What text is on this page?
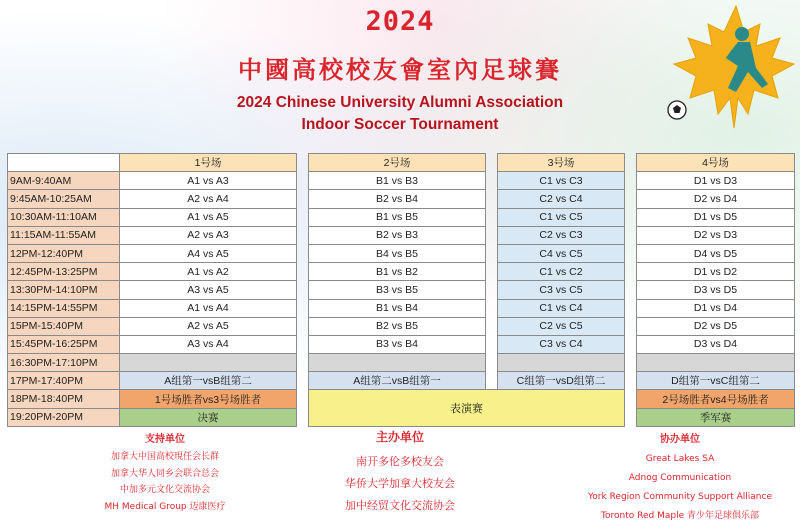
2024
中國高校校友會室內足球賽
2024 Chinese University Alumni Association
Indoor Soccer Tournament
	1号场		2号场		3号场		4号场
9AM-9:40AM	A1 vs A3		B1 vs B3		C1 vs C3		D1 vs D3
9:45AM-10:25AM	A2 vs A4		B2 vs B4		C2 vs C4		D2 vs D4
10:30AM-11:10AM	A1 vs A5		B1 vs B5		C1 vs C5		D1 vs D5
11:15AM-11:55AM	A2 vs A3		B2 vs B3		C2 vs C3		D2 vs D3
12PM-12:40PM	A4 vs A5		B4 vs B5		C4 vs C5		D4 vs D5
12:45PM-13:25PM	A1 vs A2		B1 vs B2		C1 vs C2		D1 vs D2
13:30PM-14:10PM	A3 vs A5		B3 vs B5		C3 vs C5		D3 vs D5
14:15PM-14:55PM	A1 vs A4		B1 vs B4		C1 vs C4		D1 vs D4
15PM-15:40PM	A2 vs A5		B2 vs B5		C2 vs C5		D2 vs D5
15:45PM-16:25PM	A3 vs A4		B3 vs B4		C3 vs C4		D3 vs D4
16:30PM-17:10PM							
17PM-17:40PM	A组第一vsB组第二		A组第二vsB组第一		C组第一vsD组第二		D组第一vsC组第二
18PM-18:40PM	1号场胜者vs3号场胜者		表演赛				2号场胜者vs4号场胜者
19:20PM-20PM	决赛						季军赛
支持单位
加拿大中国高校現任会长群
加拿大华人同乡会联合总会
中加多元文化交流协会
MH Medical Group 迈康医疗
主办单位
南开多伦多校友会
华侨大学加拿大校友会
加中经贸文化交流协会
协办单位
Great Lakes SA
Adnog Communication
York Region Community Support Alliance
Toronto Red Maple 青少年足球俱乐部
